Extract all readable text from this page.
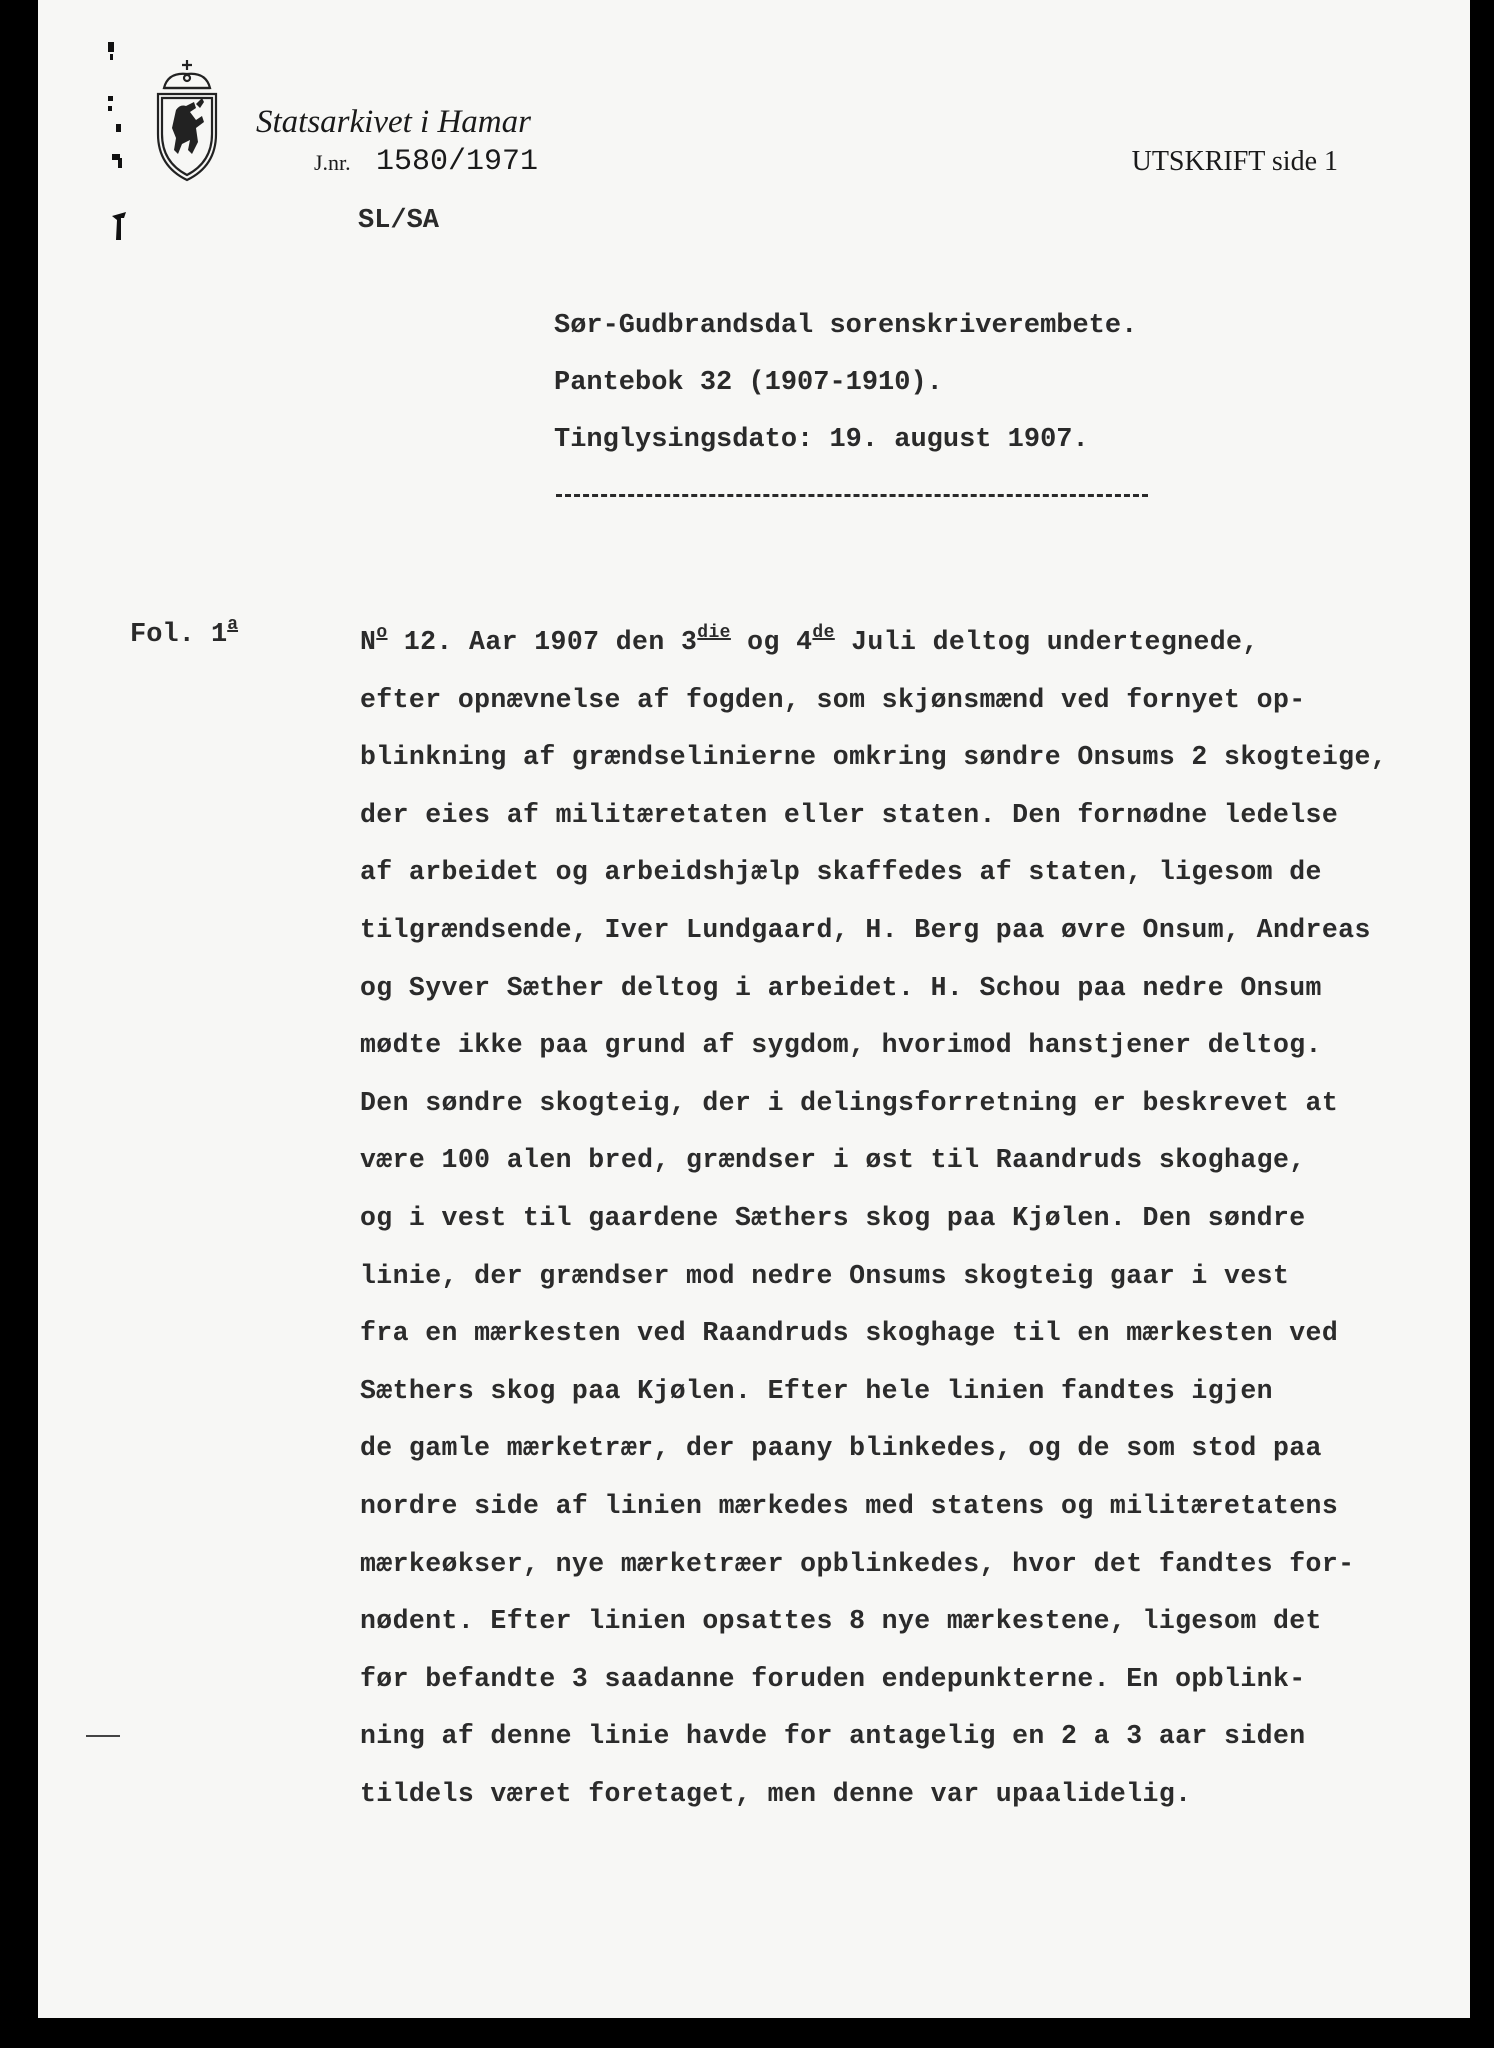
Statsarkivet i Hamar
J.nr. 1580/1971	UTSKRIFT side 1
SL/SA
Sør-Gudbrandsdal sorenskriverembete.
Pantebok 32 (1907-1910).
Tinglysingsdato: 19. august 1907.
Fol. 1$^a$
$N^o$ 12. Aar 1907 den $3^{die}$ og 4de Juli deltog undertegnede,
efter opnævnelse af fogden, som skjønsmænd ved fornyet op-
blinkning af grændselinierne omkring søndre Onsums 2 skogteige,
der eies af militæretaten eller staten. Den fornødne ledelse
af arbeidet og arbeidshjælp skaffedes af staten, ligesom de
tilgrændsende, Iver Lundgaard, H. Berg paa øvre Onsum, Andreas
og Syver Sæther deltog i arbeidet. H. Schou paa nedre Onsum
mødte ikke paa grund af sygdom, hvorimod hanstjener deltog.
Den søndre skogteig, der i delingsforretning er beskrevet at
være 100 alen bred, grændser i øst til Raandruds skoghage,
og i vest til gaardene Sæthers skog paa Kjølen. Den søndre
linie, der grændser mod nedre Onsums skogteig gaar i vest
fra en mærkesten ved Raandruds skoghage til en mærkesten ved
Sæthers skog paa Kjølen. Efter hele linien fandtes igjen
de gamle mærketrær, der paany blinkedes, og de som stod paa
nordre side af linien mærkedes med statens og militæretatens
mærkeøkser, nye mærketræer opblinkedes, hvor det fandtes for-
nødent. Efter linien opsattes 8 nye mærkestene, ligesom det
før befandte 3 saadanne foruden endepunkterne. En opblink-
ning af denne linie havde for antagelig en 2 a 3 aar siden
tildels været foretaget, men denne var upaalidelig.
